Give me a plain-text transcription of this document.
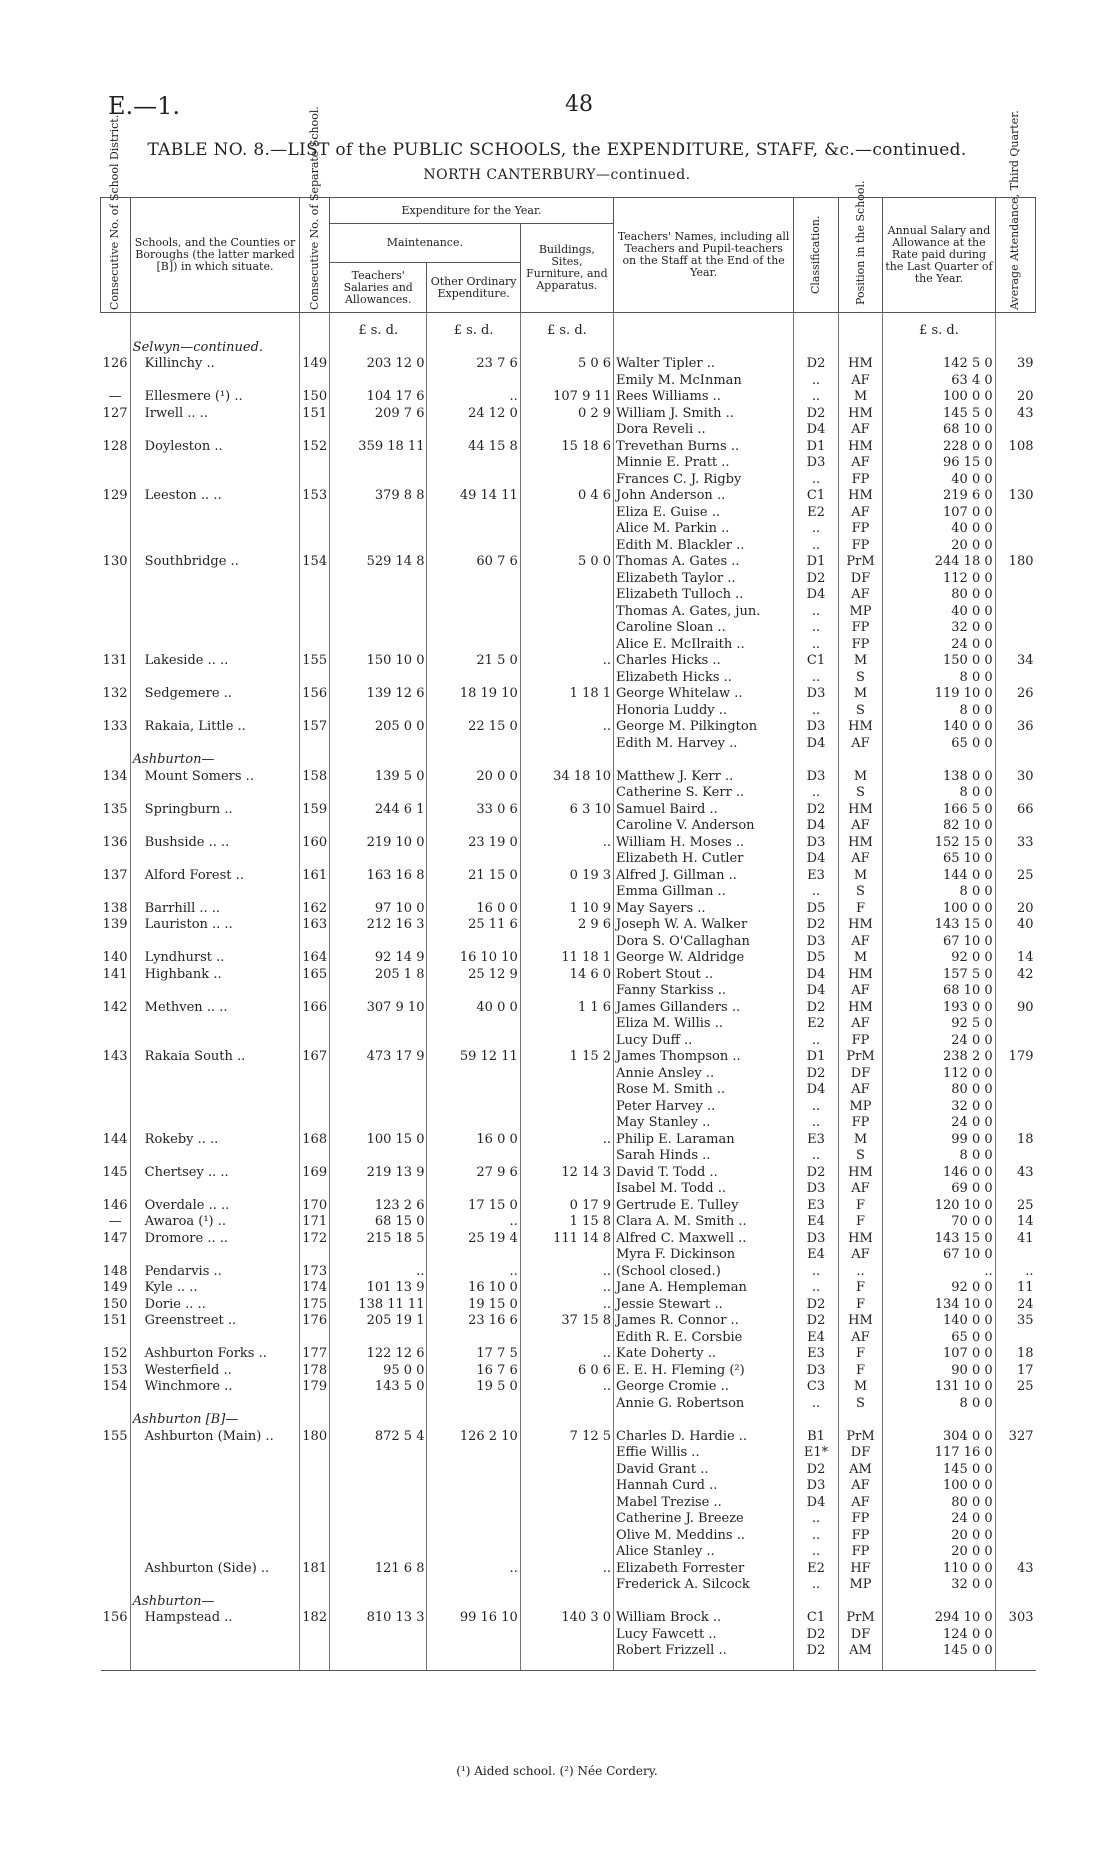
E.—1.	48
TABLE NO. 8.—LIST of the PUBLIC SCHOOLS, the EXPENDITURE, STAFF, &c.—continued.
NORTH CANTERBURY—continued.
Consecutive No. of School District.	Schools, and the Counties or Boroughs (the latter marked [B]) in which situate.	Consecutive No. of Separate School.	Expenditure for the Year.			Teachers' Names, including all Teachers and Pupil-teachers on the Staff at the End of the Year.	Classification.	Position in the School.	Annual Salary and Allowance at the Rate paid during the Last Quarter of the Year.	Average Attendance, Third Quarter.

			Maintenance.		Buildings, Sites, Furniture, and Apparatus.					
			Teachers' Salaries and Allowances.	Other Ordinary Expenditure.						

			£ s. d.	£ s. d.	£ s. d.				£ s. d.	
	Selwyn—continued.									
126	Killinchy ..	149	203 12 0	23 7 6	5 0 6	Walter Tipler ..	D2	HM	142 5 0	39
						Emily M. McInman	..	AF	63 4 0	
—	Ellesmere (¹) ..	150	104 17 6	..	107 9 11	Rees Williams ..	..	M	100 0 0	20
127	Irwell .. ..	151	209 7 6	24 12 0	0 2 9	William J. Smith ..	D2	HM	145 5 0	43
						Dora Reveli ..	D4	AF	68 10 0	
128	Doyleston ..	152	359 18 11	44 15 8	15 18 6	Trevethan Burns ..	D1	HM	228 0 0	108
						Minnie E. Pratt ..	D3	AF	96 15 0	
						Frances C. J. Rigby	..	FP	40 0 0	
129	Leeston .. ..	153	379 8 8	49 14 11	0 4 6	John Anderson ..	C1	HM	219 6 0	130
						Eliza E. Guise ..	E2	AF	107 0 0	
						Alice M. Parkin ..	..	FP	40 0 0	
						Edith M. Blackler ..	..	FP	20 0 0	
130	Southbridge ..	154	529 14 8	60 7 6	5 0 0	Thomas A. Gates ..	D1	PrM	244 18 0	180
						Elizabeth Taylor ..	D2	DF	112 0 0	
						Elizabeth Tulloch ..	D4	AF	80 0 0	
						Thomas A. Gates, jun.	..	MP	40 0 0	
						Caroline Sloan ..	..	FP	32 0 0	
						Alice E. McIlraith ..	..	FP	24 0 0	
131	Lakeside .. ..	155	150 10 0	21 5 0	..	Charles Hicks ..	C1	M	150 0 0	34
						Elizabeth Hicks ..	..	S	8 0 0	
132	Sedgemere ..	156	139 12 6	18 19 10	1 18 1	George Whitelaw ..	D3	M	119 10 0	26
						Honoria Luddy ..	..	S	8 0 0	
133	Rakaia, Little ..	157	205 0 0	22 15 0	..	George M. Pilkington	D3	HM	140 0 0	36
						Edith M. Harvey ..	D4	AF	65 0 0	
	Ashburton—									
134	Mount Somers ..	158	139 5 0	20 0 0	34 18 10	Matthew J. Kerr ..	D3	M	138 0 0	30
						Catherine S. Kerr ..	..	S	8 0 0	
135	Springburn ..	159	244 6 1	33 0 6	6 3 10	Samuel Baird ..	D2	HM	166 5 0	66
						Caroline V. Anderson	D4	AF	82 10 0	
136	Bushside .. ..	160	219 10 0	23 19 0	..	William H. Moses ..	D3	HM	152 15 0	33
						Elizabeth H. Cutler	D4	AF	65 10 0	
137	Alford Forest ..	161	163 16 8	21 15 0	0 19 3	Alfred J. Gillman ..	E3	M	144 0 0	25
						Emma Gillman ..	..	S	8 0 0	
138	Barrhill .. ..	162	97 10 0	16 0 0	1 10 9	May Sayers ..	D5	F	100 0 0	20
139	Lauriston .. ..	163	212 16 3	25 11 6	2 9 6	Joseph W. A. Walker	D2	HM	143 15 0	40
						Dora S. O'Callaghan	D3	AF	67 10 0	
140	Lyndhurst ..	164	92 14 9	16 10 10	11 18 1	George W. Aldridge	D5	M	92 0 0	14
141	Highbank ..	165	205 1 8	25 12 9	14 6 0	Robert Stout ..	D4	HM	157 5 0	42
						Fanny Starkiss ..	D4	AF	68 10 0	
142	Methven .. ..	166	307 9 10	40 0 0	1 1 6	James Gillanders ..	D2	HM	193 0 0	90
						Eliza M. Willis ..	E2	AF	92 5 0	
						Lucy Duff ..	..	FP	24 0 0	
143	Rakaia South ..	167	473 17 9	59 12 11	1 15 2	James Thompson ..	D1	PrM	238 2 0	179
						Annie Ansley ..	D2	DF	112 0 0	
						Rose M. Smith ..	D4	AF	80 0 0	
						Peter Harvey ..	..	MP	32 0 0	
						May Stanley ..	..	FP	24 0 0	
144	Rokeby .. ..	168	100 15 0	16 0 0	..	Philip E. Laraman	E3	M	99 0 0	18
						Sarah Hinds ..	..	S	8 0 0	
145	Chertsey .. ..	169	219 13 9	27 9 6	12 14 3	David T. Todd ..	D2	HM	146 0 0	43
						Isabel M. Todd ..	D3	AF	69 0 0	
146	Overdale .. ..	170	123 2 6	17 15 0	0 17 9	Gertrude E. Tulley	E3	F	120 10 0	25
—	Awaroa (¹) ..	171	68 15 0	..	1 15 8	Clara A. M. Smith ..	E4	F	70 0 0	14
147	Dromore .. ..	172	215 18 5	25 19 4	111 14 8	Alfred C. Maxwell ..	D3	HM	143 15 0	41
						Myra F. Dickinson	E4	AF	67 10 0	
148	Pendarvis ..	173	..	..	..	(School closed.)	..	..	..	..
149	Kyle .. ..	174	101 13 9	16 10 0	..	Jane A. Hempleman	..	F	92 0 0	11
150	Dorie .. ..	175	138 11 11	19 15 0	..	Jessie Stewart ..	D2	F	134 10 0	24
151	Greenstreet ..	176	205 19 1	23 16 6	37 15 8	James R. Connor ..	D2	HM	140 0 0	35
						Edith R. E. Corsbie	E4	AF	65 0 0	
152	Ashburton Forks ..	177	122 12 6	17 7 5	..	Kate Doherty ..	E3	F	107 0 0	18
153	Westerfield ..	178	95 0 0	16 7 6	6 0 6	E. E. H. Fleming (²)	D3	F	90 0 0	17
154	Winchmore ..	179	143 5 0	19 5 0	..	George Cromie ..	C3	M	131 10 0	25
						Annie G. Robertson	..	S	8 0 0	
	Ashburton [B]—									
155	Ashburton (Main) ..	180	872 5 4	126 2 10	7 12 5	Charles D. Hardie ..	B1	PrM	304 0 0	327
						Effie Willis ..	E1*	DF	117 16 0	
						David Grant ..	D2	AM	145 0 0	
						Hannah Curd ..	D3	AF	100 0 0	
						Mabel Trezise ..	D4	AF	80 0 0	
						Catherine J. Breeze	..	FP	24 0 0	
						Olive M. Meddins ..	..	FP	20 0 0	
						Alice Stanley ..	..	FP	20 0 0	
	Ashburton (Side) ..	181	121 6 8	..	..	Elizabeth Forrester	E2	HF	110 0 0	43
						Frederick A. Silcock	..	MP	32 0 0	
	Ashburton—									
156	Hampstead ..	182	810 13 3	99 16 10	140 3 0	William Brock ..	C1	PrM	294 10 0	303
						Lucy Fawcett ..	D2	DF	124 0 0	
						Robert Frizzell ..	D2	AM	145 0 0	

(¹) Aided school. (²) Née Cordery.
